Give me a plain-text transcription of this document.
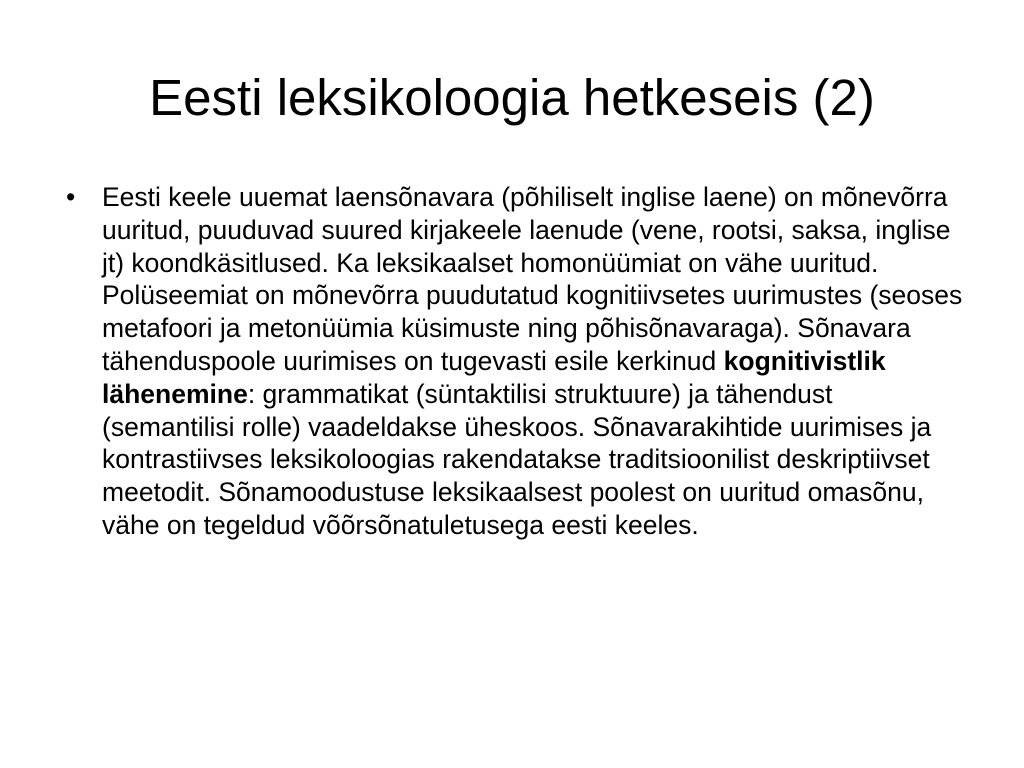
Eesti leksikoloogia hetkeseis (2)
•	Eesti keele uuemat laensõnavara (põhiliselt inglise laene) on mõnevõrra uuritud, puuduvad suured kirjakeele laenude (vene, rootsi, saksa, inglise jt) koondkäsitlused. Ka leksikaalset homonüümiat on vähe uuritud. Polüseemiat on mõnevõrra puudutatud kognitiivsetes uurimustes (seoses metafoori ja metonüümia küsimuste ning põhisõnavaraga). Sõnavara tähenduspoole uurimises on tugevasti esile kerkinud kognitivistlik lähenemine: grammatikat (süntaktilisi struktuure) ja tähendust (semantilisi rolle) vaadeldakse üheskoos. Sõnavarakihtide uurimises ja kontrastiivses leksikoloogias rakendatakse traditsioonilist deskriptiivset meetodit. Sõnamoodustuse leksikaalsest poolest on uuritud omasõnu, vähe on tegeldud võõrsõnatuletusega eesti keeles.
